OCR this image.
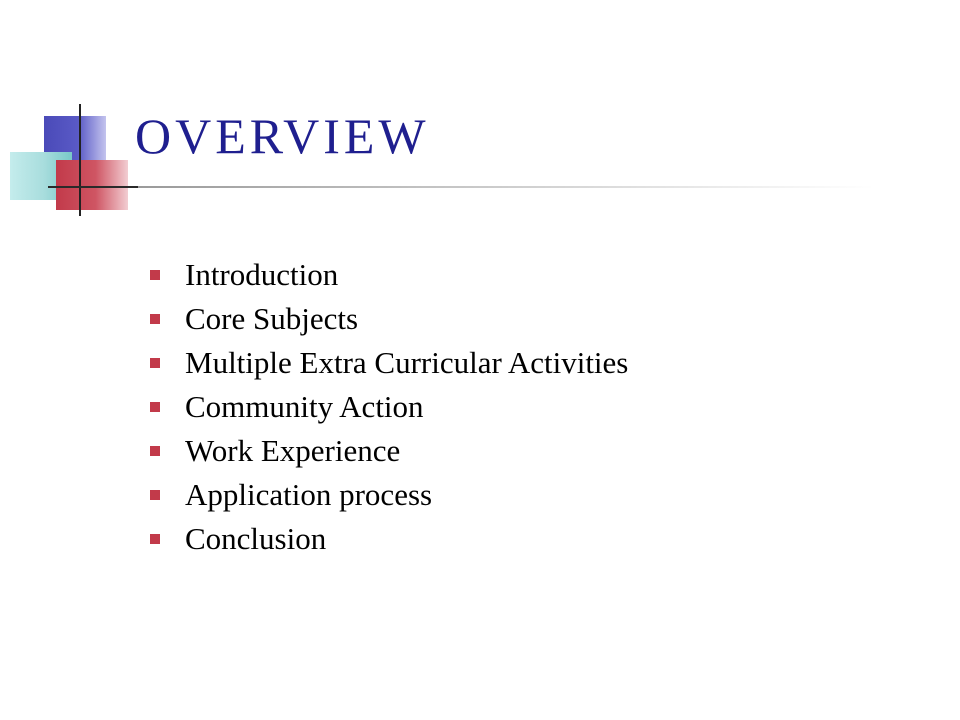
OVERVIEW
Introduction
Core Subjects
Multiple Extra Curricular Activities
Community Action
Work Experience
Application process
Conclusion
